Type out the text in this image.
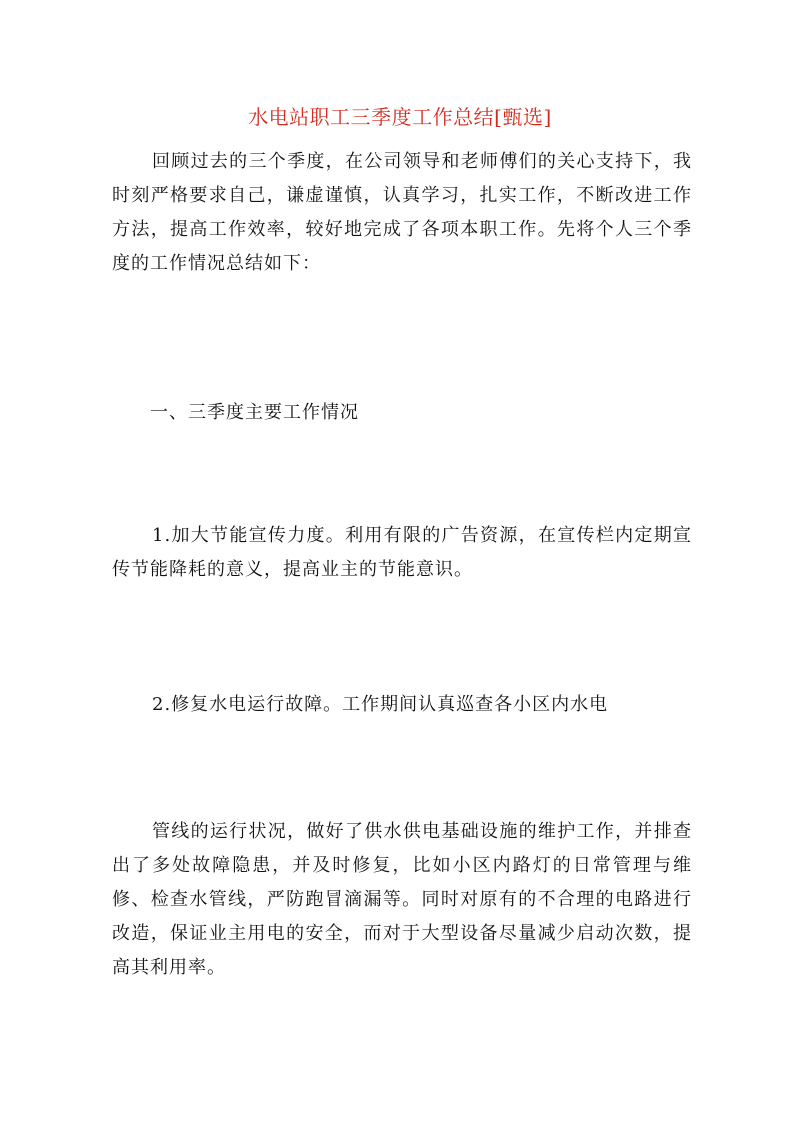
水电站职工三季度工作总结[甄选]

回顾过去的三个季度，在公司领导和老师傅们的关心支持下，我时刻严格要求自己，谦虚谨慎，认真学习，扎实工作，不断改进工作方法，提高工作效率，较好地完成了各项本职工作。先将个人三个季度的工作情况总结如下：

一、三季度主要工作情况

1.加大节能宣传力度。利用有限的广告资源，在宣传栏内定期宣传节能降耗的意义，提高业主的节能意识。

2.修复水电运行故障。工作期间认真巡查各小区内水电

管线的运行状况，做好了供水供电基础设施的维护工作，并排查出了多处故障隐患，并及时修复，比如小区内路灯的日常管理与维修、检查水管线，严防跑冒滴漏等。同时对原有的不合理的电路进行改造，保证业主用电的安全，而对于大型设备尽量减少启动次数，提高其利用率。
